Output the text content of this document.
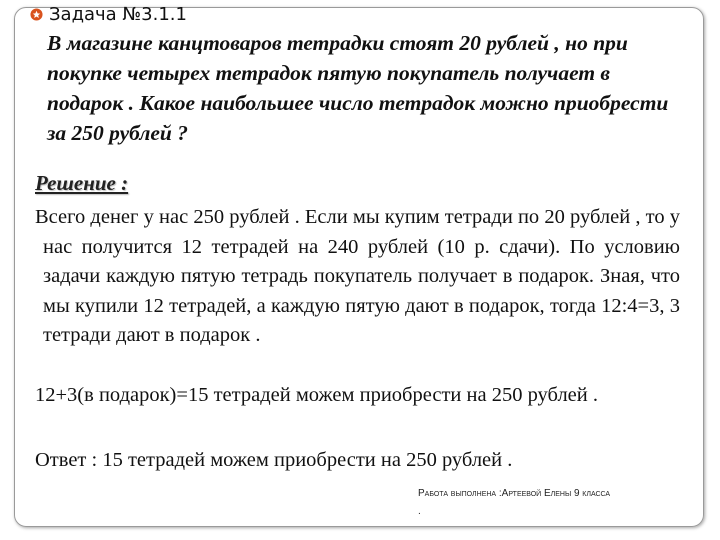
Задача №3.1.1
В магазине канцтоваров тетрадки стоят 20 рублей , но при покупке четырех тетрадок пятую покупатель получает в подарок . Какое наибольшее число тетрадок можно приобрести за 250 рублей ?
Решение :
Всего денег у нас 250 рублей . Если мы купим тетради по 20 рублей , то у нас получится 12 тетрадей на 240 рублей (10 р. сдачи). По условию задачи каждую пятую тетрадь покупатель получает в подарок. Зная, что мы купили 12 тетрадей, а каждую пятую дают в подарок, тогда 12:4=3, 3 тетради дают в подарок .
12+3(в подарок)=15 тетрадей можем приобрести на 250 рублей .
Ответ : 15 тетрадей можем приобрести на 250 рублей .
Работа выполнена :Артеевой Елены 9 класса
.
